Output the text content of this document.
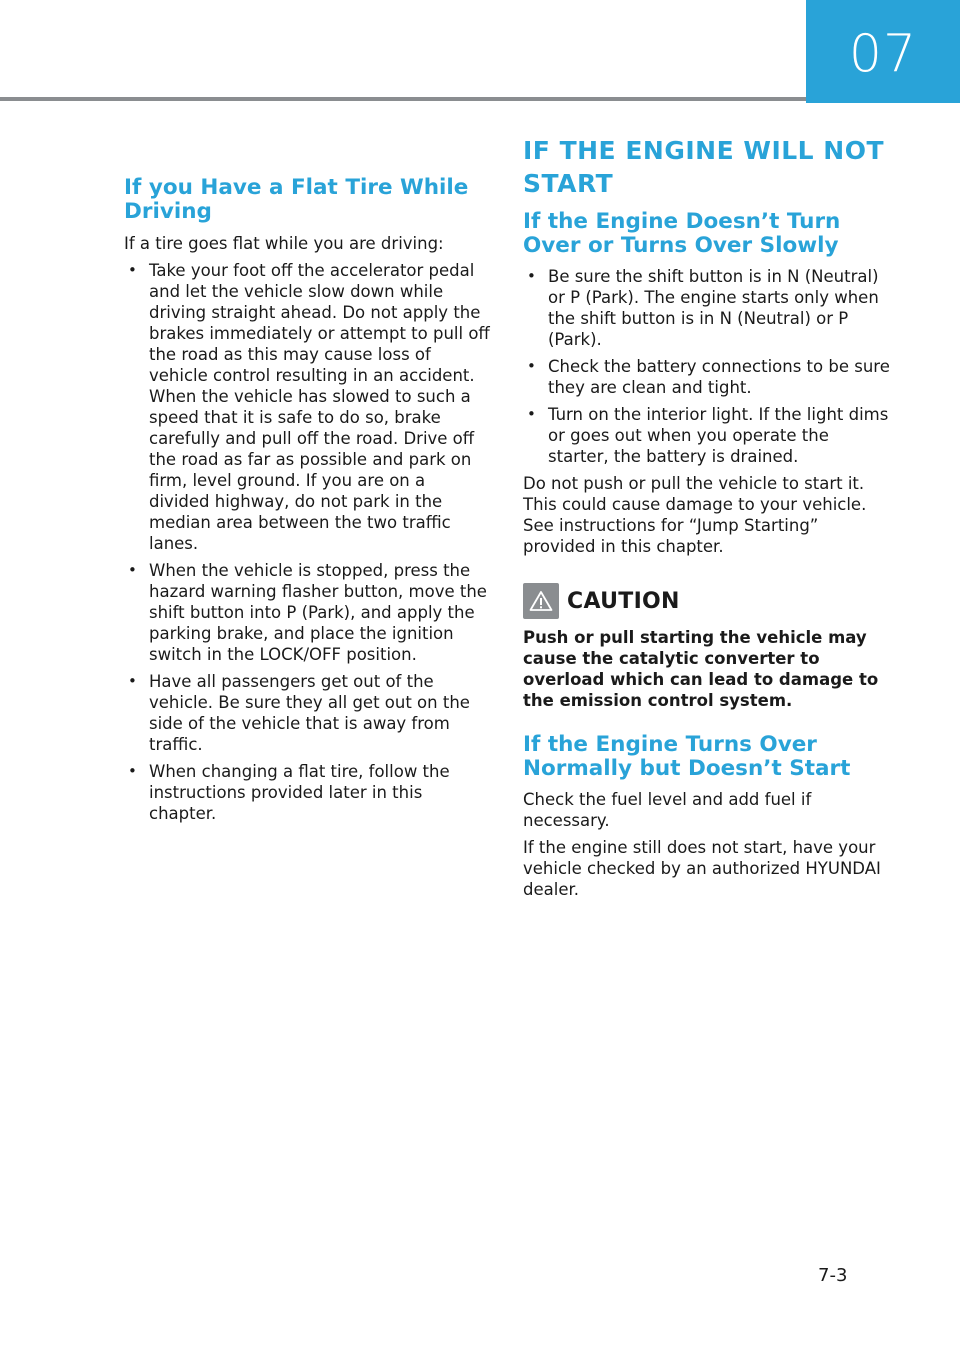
07
If you Have a Flat Tire While Driving

If a tire goes flat while you are driving:

• Take your foot off the accelerator pedal and let the vehicle slow down while driving straight ahead. Do not apply the brakes immediately or attempt to pull off the road as this may cause loss of vehicle control resulting in an accident. When the vehicle has slowed to such a speed that it is safe to do so, brake carefully and pull off the road. Drive off the road as far as possible and park on firm, level ground. If you are on a divided highway, do not park in the median area between the two traffic lanes.
• When the vehicle is stopped, press the hazard warning flasher button, move the shift button into P (Park), and apply the parking brake, and place the ignition switch in the LOCK/OFF position.
• Have all passengers get out of the vehicle. Be sure they all get out on the side of the vehicle that is away from traffic.
• When changing a flat tire, follow the instructions provided later in this chapter.
IF THE ENGINE WILL NOT START
If the Engine Doesn’t Turn Over or Turns Over Slowly
• Be sure the shift button is in N (Neutral) or P (Park). The engine starts only when the shift button is in N (Neutral) or P (Park).
• Check the battery connections to be sure they are clean and tight.
• Turn on the interior light. If the light dims or goes out when you operate the starter, the battery is drained.

Do not push or pull the vehicle to start it. This could cause damage to your vehicle. See instructions for “Jump Starting” provided in this chapter.

CAUTION

Push or pull starting the vehicle may cause the catalytic converter to overload which can lead to damage to the emission control system.

If the Engine Turns Over Normally but Doesn’t Start

Check the fuel level and add fuel if necessary.

If the engine still does not start, have your vehicle checked by an authorized HYUNDAI dealer.

7-3
